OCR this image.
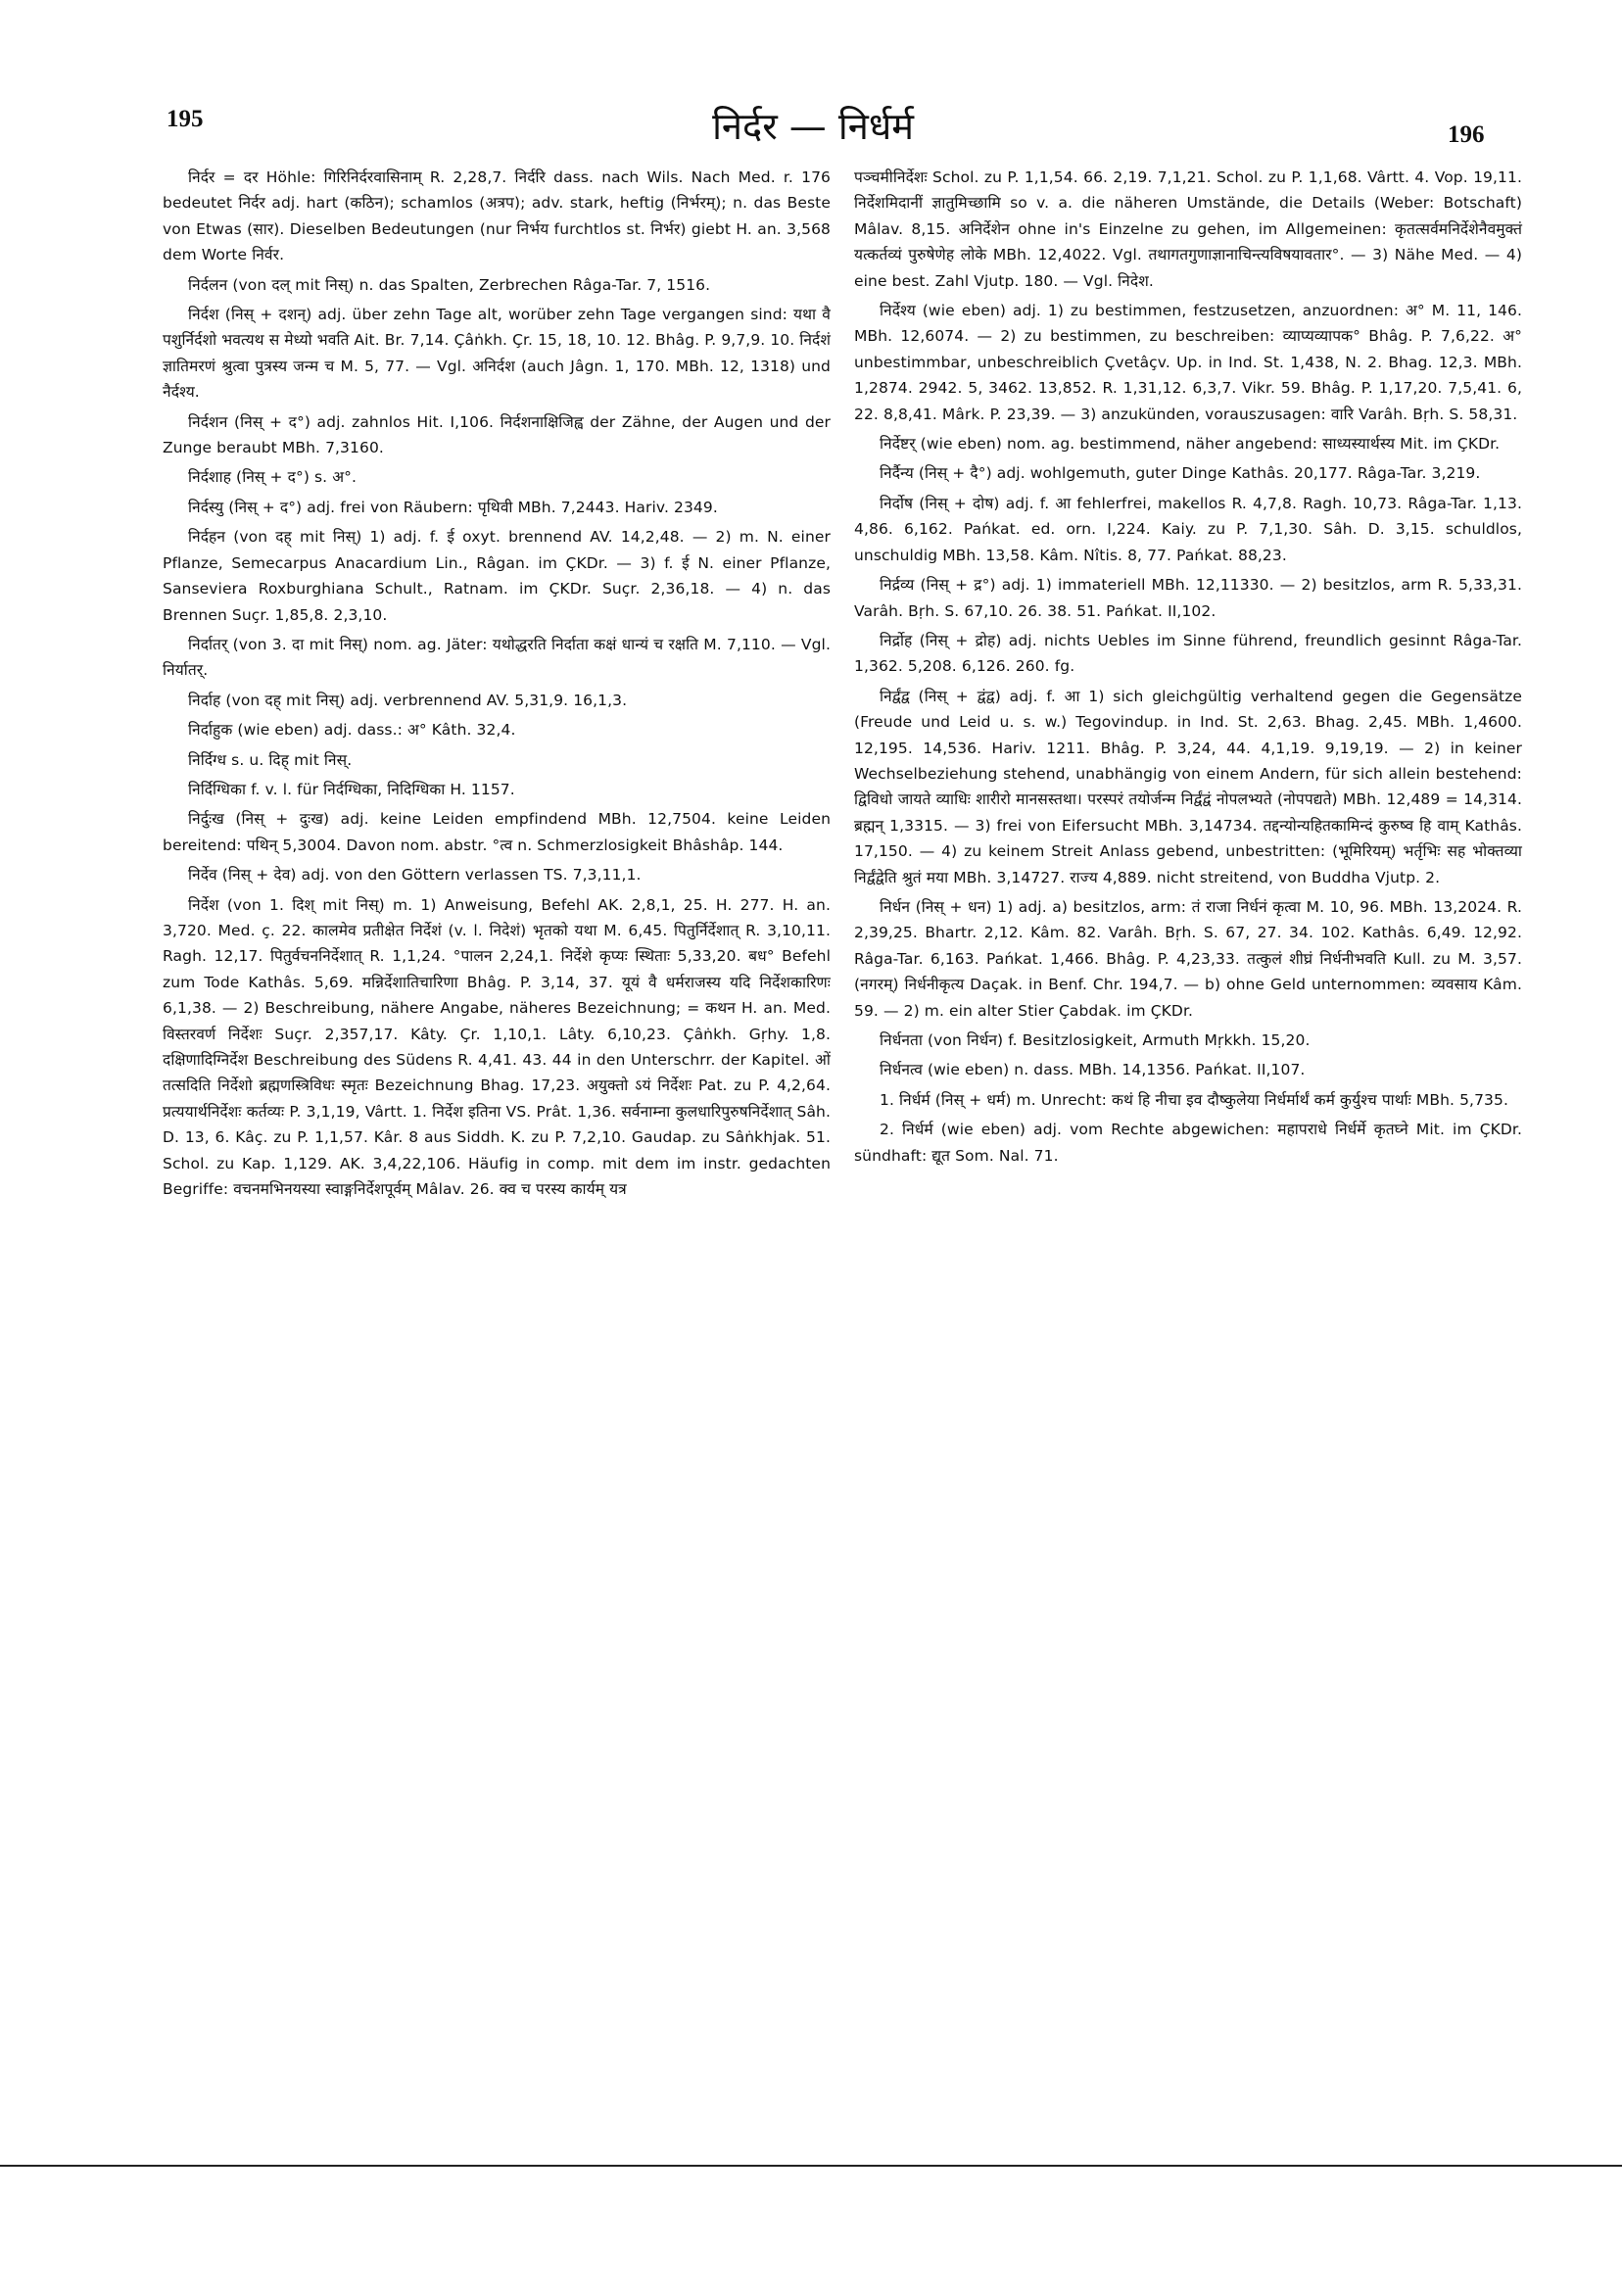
195	निर्दर — निर्धर्म	196

निर्दर = दर Höhle: गिरिनिर्दरवासिनाम् R. 2,28,7. निर्दरि dass. nach Wils. Nach Med. r. 176 bedeutet निर्दर adj. hart (कठिन); schamlos (अत्रप); adv. stark, heftig (निर्भरम्); n. das Beste von Etwas (सार). Dieselben Bedeutungen (nur निर्भय furchtlos st. निर्भर) giebt H. an. 3,568 dem Worte निर्वर.

निर्दलन (von दल् mit निस्) n. das Spalten, Zerbrechen Râga-Tar. 7, 1516.

निर्दश (निस् + दशन्) adj. über zehn Tage alt, worüber zehn Tage vergangen sind: यथा वै पशुर्निर्दशो भवत्यथ स मेध्यो भवति Ait. Br. 7,14. Çâṅkh. Çr. 15, 18, 10. 12. Bhâg. P. 9,7,9. 10. निर्दशं ज्ञातिमरणं श्रुत्वा पुत्रस्य जन्म च M. 5, 77. — Vgl. अनिर्दश (auch Jâgn. 1, 170. MBh. 12, 1318) und नैर्दश्य.

निर्दशन (निस् + द°) adj. zahnlos Hit. I,106. निर्दशनाक्षिजिह्व der Zähne, der Augen und der Zunge beraubt MBh. 7,3160.

निर्दशाह (निस् + द°) s. अ°.

निर्दस्यु (निस् + द°) adj. frei von Räubern: पृथिवी MBh. 7,2443. Hariv. 2349.

निर्दहन (von दह् mit निस्) 1) adj. f. ई oxyt. brennend AV. 14,2,48. — 2) m. N. einer Pflanze, Semecarpus Anacardium Lin., Râgan. im ÇKDr. — 3) f. ई N. einer Pflanze, Sanseviera Roxburghiana Schult., Ratnam. im ÇKDr. Suçr. 2,36,18. — 4) n. das Brennen Suçr. 1,85,8. 2,3,10.

निर्दातर् (von 3. दा mit निस्) nom. ag. Jäter: यथोद्धरति निर्दाता कक्षं धान्यं च रक्षति M. 7,110. — Vgl. निर्यातर्.

निर्दाह (von दह् mit निस्) adj. verbrennend AV. 5,31,9. 16,1,3.

निर्दाहुक (wie eben) adj. dass.: अ° Kâth. 32,4.

निर्दिग्ध s. u. दिह् mit निस्.

निर्दिग्धिका f. v. l. für निर्दग्धिका, निदिग्धिका H. 1157.

निर्दुःख (निस् + दुःख) adj. keine Leiden empfindend MBh. 12,7504. keine Leiden bereitend: पथिन् 5,3004. Davon nom. abstr. °त्व n. Schmerzlosigkeit Bhâshâp. 144.

निर्देव (निस् + देव) adj. von den Göttern verlassen TS. 7,3,11,1.

निर्देश (von 1. दिश् mit निस्) m. 1) Anweisung, Befehl AK. 2,8,1, 25. H. 277. H. an. 3,720. Med. ç. 22. कालमेव प्रतीक्षेत निर्देशं (v. l. निदेशं) भृतको यथा M. 6,45. पितुर्निर्देशात् R. 3,10,11. Ragh. 12,17. पितुर्वचननिर्देशात् R. 1,1,24. °पालन 2,24,1. निर्देशे कृप्यः स्थिताः 5,33,20. बध° Befehl zum Tode Kathâs. 5,69. मन्निर्देशातिचारिणा Bhâg. P. 3,14, 37. यूयं वै धर्मराजस्य यदि निर्देशकारिणः 6,1,38. — 2) Beschreibung, nähere Angabe, näheres Bezeichnung; = कथन H. an. Med. विस्तरवर्ण निर्देशः Suçr. 2,357,17. Kâty. Çr. 1,10,1. Lâty. 6,10,23. Çâṅkh. Gṛhy. 1,8. दक्षिणादिग्निर्देश Beschreibung des Südens R. 4,41. 43. 44 in den Unterschrr. der Kapitel. ओं तत्सदिति निर्देशो ब्रह्मणस्त्रिविधः स्मृतः Bezeichnung Bhag. 17,23. अयुक्तो ऽयं निर्देशः Pat. zu P. 4,2,64. प्रत्ययार्थनिर्देशः कर्तव्यः P. 3,1,19, Vârtt. 1. निर्देश इतिना VS. Prât. 1,36. सर्वनाम्ना कुलधारिपुरुषनिर्देशात् Sâh. D. 13, 6. Kâç. zu P. 1,1,57. Kâr. 8 aus Siddh. K. zu P. 7,2,10. Gaudap. zu Sâṅkhjak. 51. Schol. zu Kap. 1,129. AK. 3,4,22,106. Häufig in comp. mit dem im instr. gedachten Begriffe: वचनमभिनयस्या स्वाङ्गनिर्देशपूर्वम् Mâlav. 26. क्व च परस्य कार्यम् यत्र

पञ्चमीनिर्देशः Schol. zu P. 1,1,54. 66. 2,19. 7,1,21. Schol. zu P. 1,1,68. Vârtt. 4. Vop. 19,11. निर्देशमिदानीं ज्ञातुमिच्छामि so v. a. die näheren Umstände, die Details (Weber: Botschaft) Mâlav. 8,15. अनिर्देशेन ohne in's Einzelne zu gehen, im Allgemeinen: कृतत्सर्वमनिर्देशेनैवमुक्तं यत्कर्तव्यं पुरुषेणेह लोके MBh. 12,4022. Vgl. तथागतगुणाज्ञानाचिन्त्यविषयावतार°. — 3) Nähe Med. — 4) eine best. Zahl Vjutp. 180. — Vgl. निदेश.

निर्देश्य (wie eben) adj. 1) zu bestimmen, festzusetzen, anzuordnen: अ° M. 11, 146. MBh. 12,6074. — 2) zu bestimmen, zu beschreiben: व्याप्यव्यापक° Bhâg. P. 7,6,22. अ° unbestimmbar, unbeschreiblich Çvetâçv. Up. in Ind. St. 1,438, N. 2. Bhag. 12,3. MBh. 1,2874. 2942. 5, 3462. 13,852. R. 1,31,12. 6,3,7. Vikr. 59. Bhâg. P. 1,17,20. 7,5,41. 6, 22. 8,8,41. Mârk. P. 23,39. — 3) anzukünden, vorauszusagen: वारि Varâh. Bṛh. S. 58,31.

निर्देष्टर् (wie eben) nom. ag. bestimmend, näher angebend: साध्यस्यार्थस्य Mit. im ÇKDr.

निर्दैन्य (निस् + दै°) adj. wohlgemuth, guter Dinge Kathâs. 20,177. Râga-Tar. 3,219.

निर्दोष (निस् + दोष) adj. f. आ fehlerfrei, makellos R. 4,7,8. Ragh. 10,73. Râga-Tar. 1,13. 4,86. 6,162. Pańkat. ed. orn. I,224. Kaiy. zu P. 7,1,30. Sâh. D. 3,15. schuldlos, unschuldig MBh. 13,58. Kâm. Nîtis. 8, 77. Pańkat. 88,23.

निर्द्रव्य (निस् + द्र°) adj. 1) immateriell MBh. 12,11330. — 2) besitzlos, arm R. 5,33,31. Varâh. Bṛh. S. 67,10. 26. 38. 51. Pańkat. II,102.

निर्द्रोह (निस् + द्रोह) adj. nichts Uebles im Sinne führend, freundlich gesinnt Râga-Tar. 1,362. 5,208. 6,126. 260. fg.

निर्द्वंद्व (निस् + द्वंद्व) adj. f. आ 1) sich gleichgültig verhaltend gegen die Gegensätze (Freude und Leid u. s. w.) Tegovindup. in Ind. St. 2,63. Bhag. 2,45. MBh. 1,4600. 12,195. 14,536. Hariv. 1211. Bhâg. P. 3,24, 44. 4,1,19. 9,19,19. — 2) in keiner Wechselbeziehung stehend, unabhängig von einem Andern, für sich allein bestehend: द्विविधो जायते व्याधिः शारीरो मानसस्तथा। परस्परं तयोर्जन्म निर्द्वंद्वं नोपलभ्यते (नोपपद्यते) MBh. 12,489 = 14,314. ब्रह्मन् 1,3315. — 3) frei von Eifersucht MBh. 3,14734. तद्दन्योन्यहितकामिन्दं कुरुष्व हि वाम् Kathâs. 17,150. — 4) zu keinem Streit Anlass gebend, unbestritten: (भूमिरियम्) भर्तृभिः सह भोक्तव्या निर्द्वंद्वेति श्रुतं मया MBh. 3,14727. राज्य 4,889. nicht streitend, von Buddha Vjutp. 2.

निर्धन (निस् + धन) 1) adj. a) besitzlos, arm: तं राजा निर्धनं कृत्वा M. 10, 96. MBh. 13,2024. R. 2,39,25. Bhartr. 2,12. Kâm. 82. Varâh. Bṛh. S. 67, 27. 34. 102. Kathâs. 6,49. 12,92. Râga-Tar. 6,163. Pańkat. 1,466. Bhâg. P. 4,23,33. तत्कुलं शीघ्रं निर्धनीभवति Kull. zu M. 3,57. (नगरम्) निर्धनीकृत्य Daçak. in Benf. Chr. 194,7. — b) ohne Geld unternommen: व्यवसाय Kâm. 59. — 2) m. ein alter Stier Çabdak. im ÇKDr.

निर्धनता (von निर्धन) f. Besitzlosigkeit, Armuth Mṛkkh. 15,20.

निर्धनत्व (wie eben) n. dass. MBh. 14,1356. Pańkat. II,107.

1. निर्धर्म (निस् + धर्म) m. Unrecht: कथं हि नीचा इव दौष्कुलेया निर्धर्मार्थं कर्म कुर्युश्च पार्थाः MBh. 5,735.

2. निर्धर्म (wie eben) adj. vom Rechte abgewichen: महापराधे निर्धर्मे कृतघ्ने Mit. im ÇKDr. sündhaft: द्यूत Som. Nal. 71.
